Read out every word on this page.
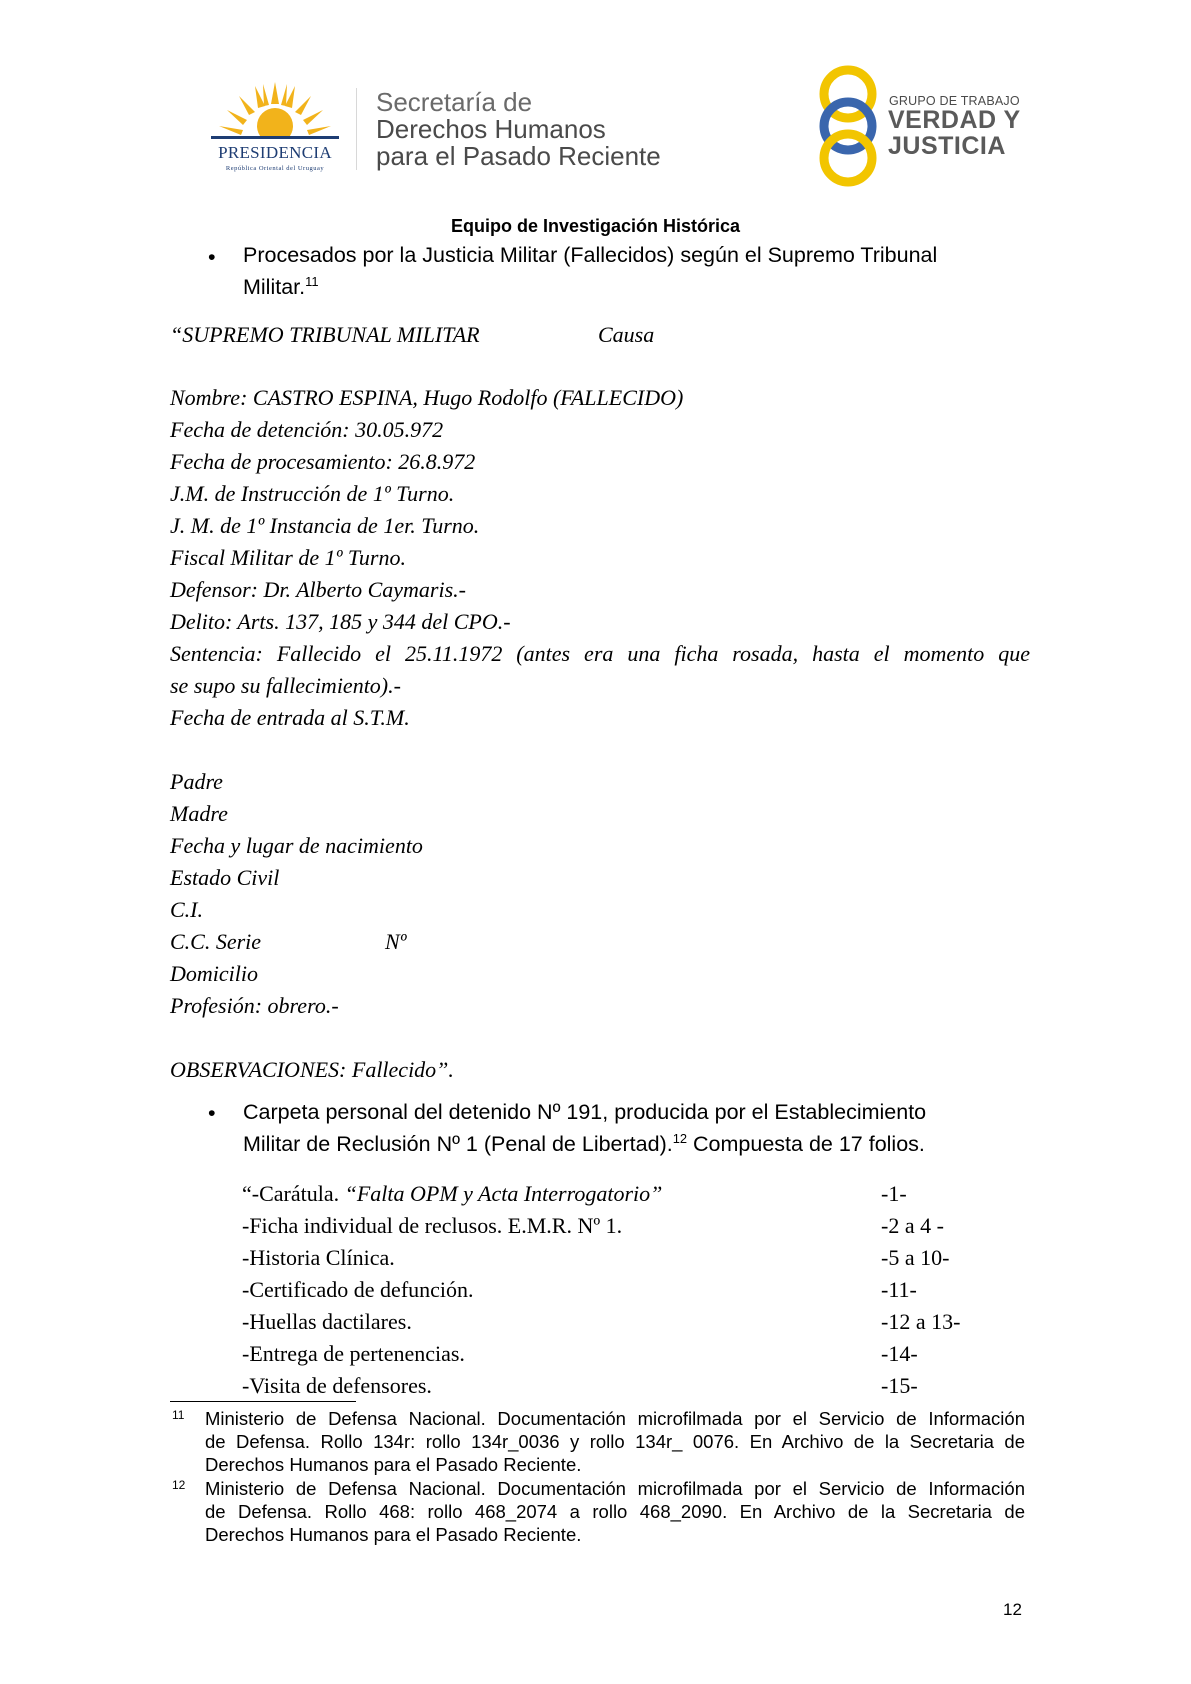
PRESIDENCIA
República Oriental del Uruguay
Secretaría de
Derechos Humanos
para el Pasado Reciente
GRUPO DE TRABAJO
VERDAD Y
JUSTICIA
Equipo de Investigación Histórica
• Procesados por la Justicia Militar (Fallecidos) según el Supremo Tribunal
Militar.$^{11}$
“SUPREMO TRIBUNAL MILITAR	Causa
Nombre: CASTRO ESPINA, Hugo Rodolfo (FALLECIDO)
Fecha de detención: 30.05.972
Fecha de procesamiento: 26.8.972
J.M. de Instrucción de 1º Turno.
J. M. de 1º Instancia de 1er. Turno.
Fiscal Militar de 1º Turno.
Defensor: Dr. Alberto Caymaris.-
Delito: Arts. 137, 185 y 344 del CPO.-
Sentencia: Fallecido el 25.11.1972 (antes era una ficha rosada, hasta el momento que
se supo su fallecimiento).-
Fecha de entrada al S.T.M.
Padre
Madre
Fecha y lugar de nacimiento
Estado Civil
C.I.
C.C. Serie	Nº
Domicilio
Profesión: obrero.-
OBSERVACIONES: Fallecido”.
• Carpeta personal del detenido Nº 191, producida por el Establecimiento
Militar de Reclusión Nº 1 (Penal de Libertad).$^{12}$ Compuesta de 17 folios.
“-Carátula. “Falta OPM y Acta Interrogatorio”	-1-
-Ficha individual de reclusos. E.M.R. Nº 1.	-2 a 4 -
-Historia Clínica.	-5 a 10-
-Certificado de defunción.	-11-
-Huellas dactilares.	-12 a 13-
-Entrega de pertenencias.	-14-
-Visita de defensores.	-15-
11 Ministerio de Defensa Nacional. Documentación microfilmada por el Servicio de Información
de Defensa. Rollo 134r: rollo 134r_0036 y rollo 134r_ 0076. En Archivo de la Secretaria de
Derechos Humanos para el Pasado Reciente.
12 Ministerio de Defensa Nacional. Documentación microfilmada por el Servicio de Información
de Defensa. Rollo 468: rollo 468_2074 a rollo 468_2090. En Archivo de la Secretaria de
Derechos Humanos para el Pasado Reciente.
12
